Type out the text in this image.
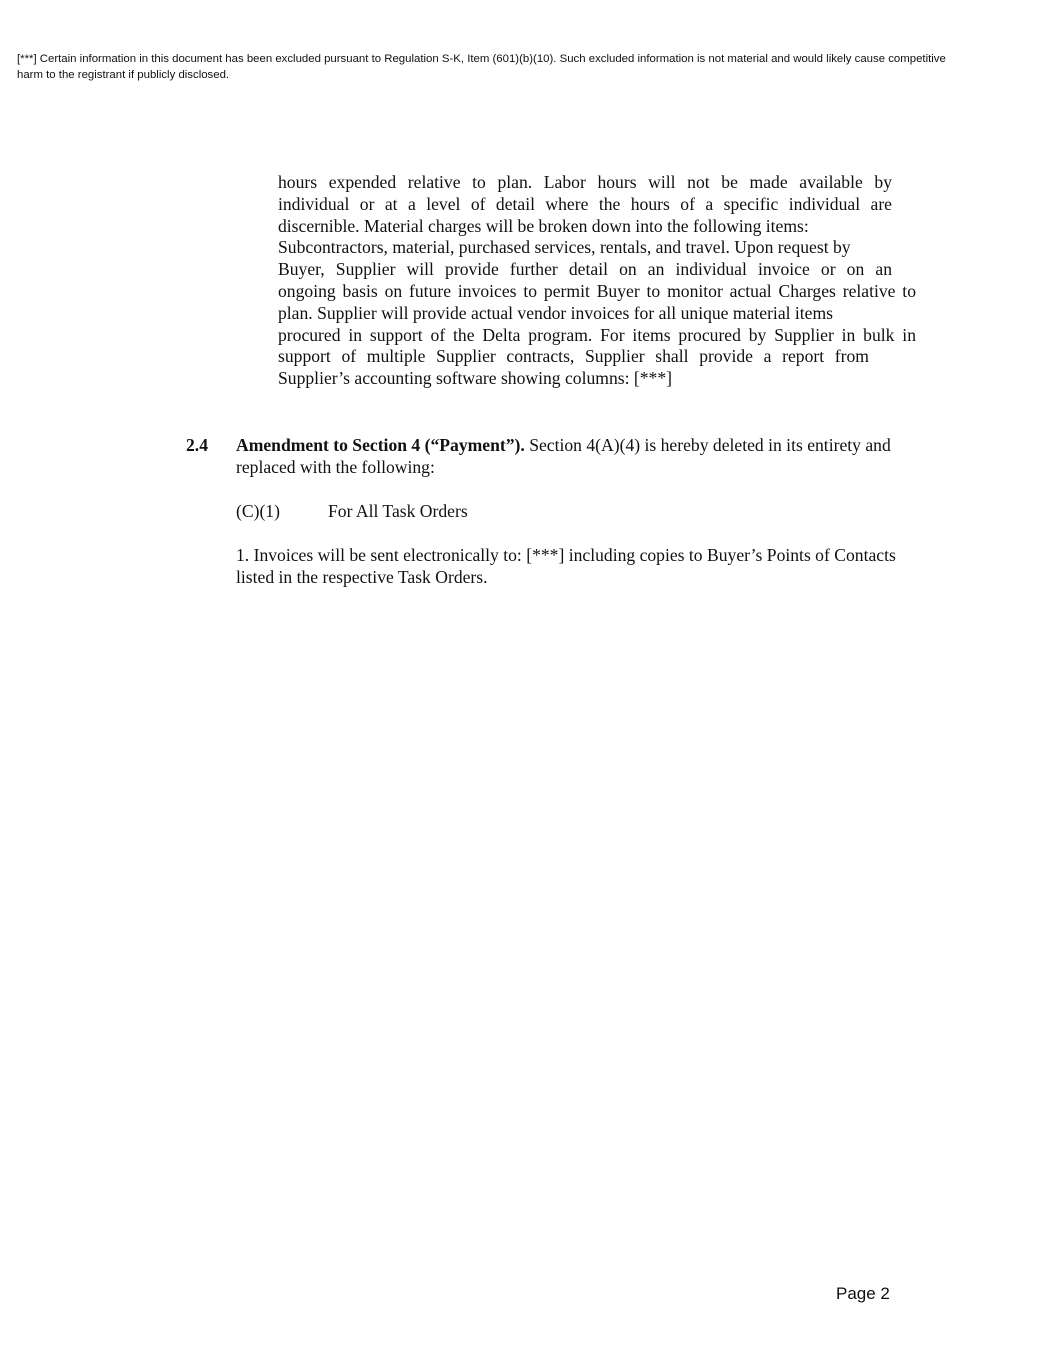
[***] Certain information in this document has been excluded pursuant to Regulation S-K, Item (601)(b)(10). Such excluded information is not material and would likely cause competitive harm to the registrant if publicly disclosed.
hours expended relative to plan. Labor hours will not be made available by
individual or at a level of detail where the hours of a specific individual are
discernible. Material charges will be broken down into the following items:
Subcontractors, material, purchased services, rentals, and travel. Upon request by
Buyer, Supplier will provide further detail on an individual invoice or on an
ongoing basis on future invoices to permit Buyer to monitor actual Charges relative to
plan. Supplier will provide actual vendor invoices for all unique material items
procured in support of the Delta program. For items procured by Supplier in bulk in
support of multiple Supplier contracts, Supplier shall provide a report from
Supplier’s accounting software showing columns: [***]
2.4 Amendment to Section 4 (“Payment”). Section 4(A)(4) is hereby deleted in its entirety and replaced with the following:
(C)(1)	For All Task Orders
1. Invoices will be sent electronically to: [***] including copies to Buyer’s Points of Contacts listed in the respective Task Orders.
Page 2
